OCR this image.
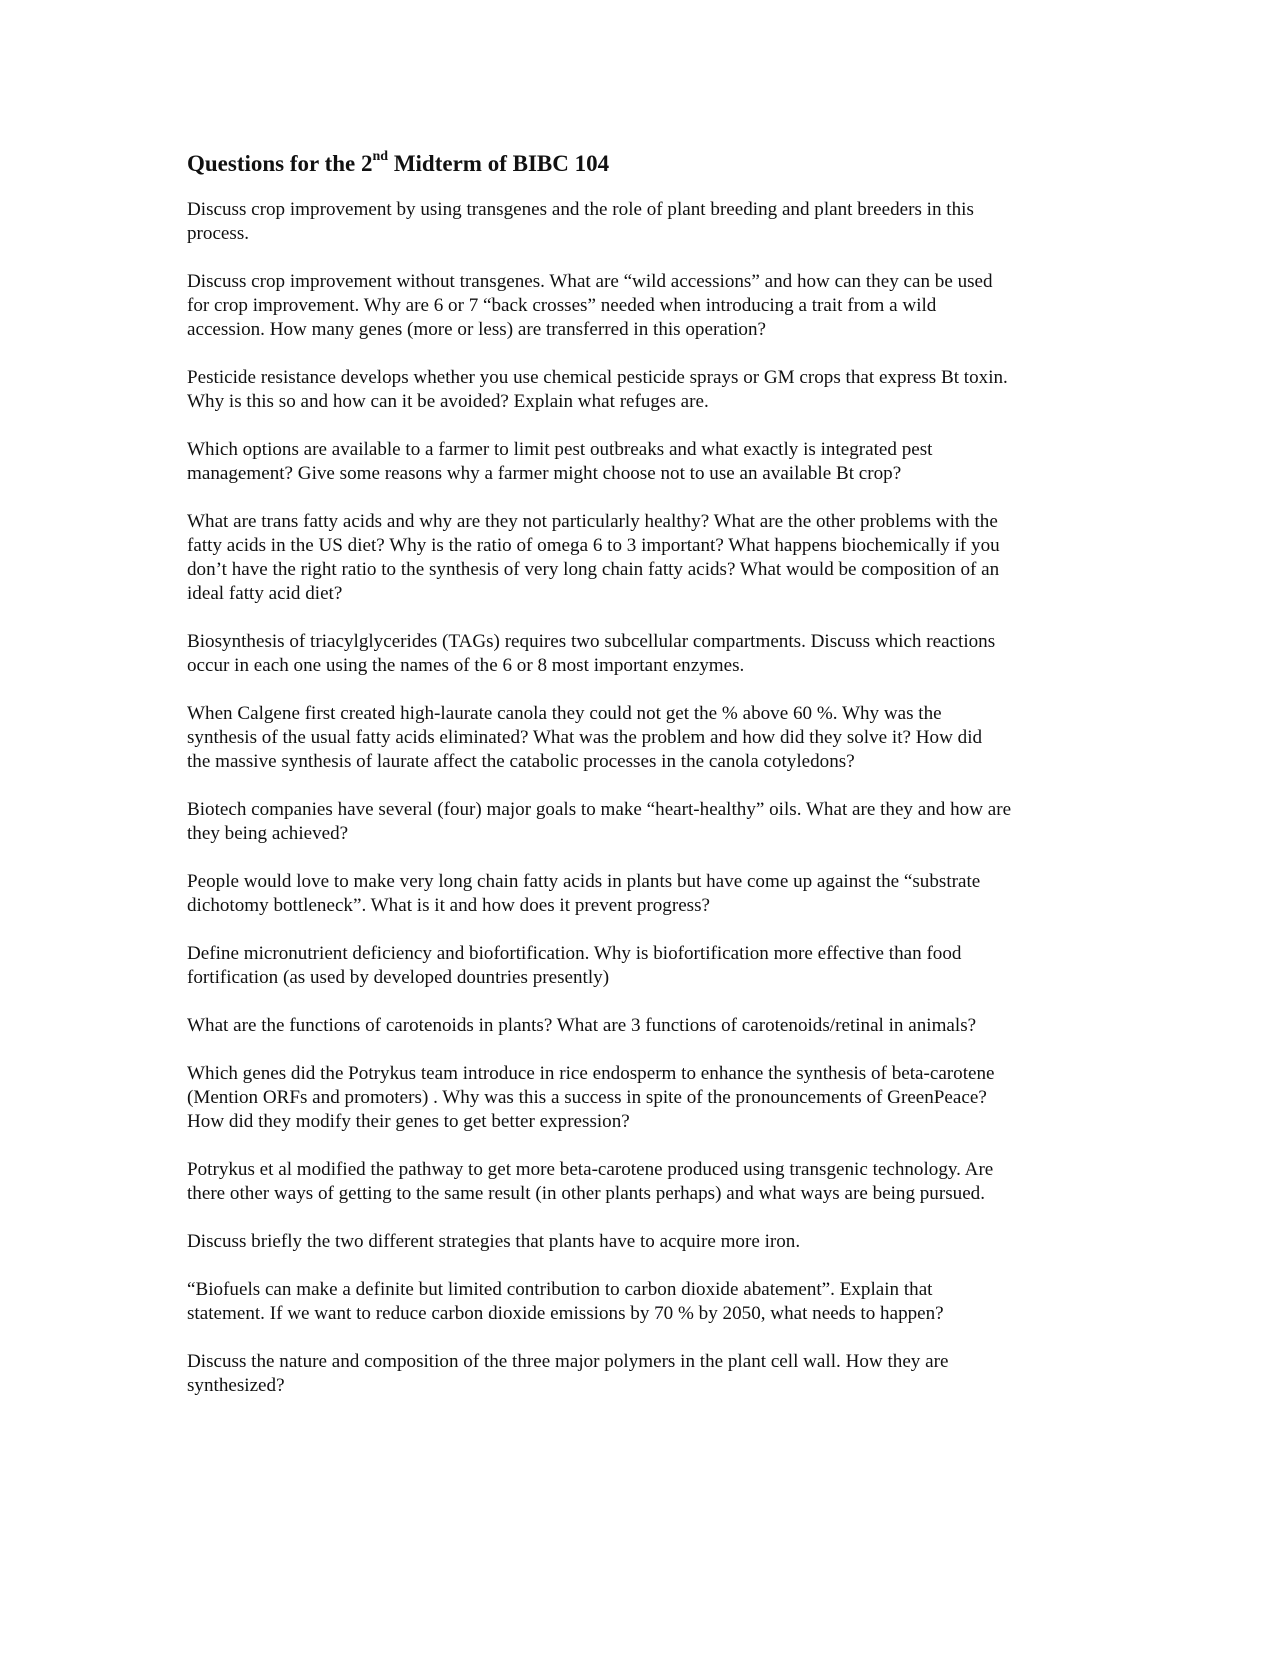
Questions for the 2nd Midterm of BIBC 104

Discuss crop improvement by using transgenes and the role of plant breeding and plant breeders in this
process.

Discuss crop improvement without transgenes. What are “wild accessions” and how can they can be used
for crop improvement. Why are 6 or 7 “back crosses” needed when introducing a trait from a wild
accession. How many genes (more or less) are transferred in this operation?

Pesticide resistance develops whether you use chemical pesticide sprays or GM crops that express Bt toxin.
Why is this so and how can it be avoided? Explain what refuges are.

Which options are available to a farmer to limit pest outbreaks and what exactly is integrated pest
management? Give some reasons why a farmer might choose not to use an available Bt crop?

What are trans fatty acids and why are they not particularly healthy? What are the other problems with the
fatty acids in the US diet? Why is the ratio of omega 6 to 3 important? What happens biochemically if you
don’t have the right ratio to the synthesis of very long chain fatty acids? What would be composition of an
ideal fatty acid diet?

Biosynthesis of triacylglycerides (TAGs) requires two subcellular compartments. Discuss which reactions
occur in each one using the names of the 6 or 8 most important enzymes.

When Calgene first created high-laurate canola they could not get the % above 60 %. Why was the
synthesis of the usual fatty acids eliminated? What was the problem and how did they solve it? How did
the massive synthesis of laurate affect the catabolic processes in the canola cotyledons?

Biotech companies have several (four) major goals to make “heart-healthy” oils. What are they and how are
they being achieved?

People would love to make very long chain fatty acids in plants but have come up against the “substrate
dichotomy bottleneck”. What is it and how does it prevent progress?

Define micronutrient deficiency and biofortification. Why is biofortification more effective than food
fortification (as used by developed dountries presently)

What are the functions of carotenoids in plants? What are 3 functions of carotenoids/retinal in animals?

Which genes did the Potrykus team introduce in rice endosperm to enhance the synthesis of beta-carotene
(Mention ORFs and promoters) . Why was this a success in spite of the pronouncements of GreenPeace?
How did they modify their genes to get better expression?

Potrykus et al modified the pathway to get more beta-carotene produced using transgenic technology. Are
there other ways of getting to the same result (in other plants perhaps) and what ways are being pursued.

Discuss briefly the two different strategies that plants have to acquire more iron.

“Biofuels can make a definite but limited contribution to carbon dioxide abatement”. Explain that
statement. If we want to reduce carbon dioxide emissions by 70 % by 2050, what needs to happen?

Discuss the nature and composition of the three major polymers in the plant cell wall. How they are
synthesized?
